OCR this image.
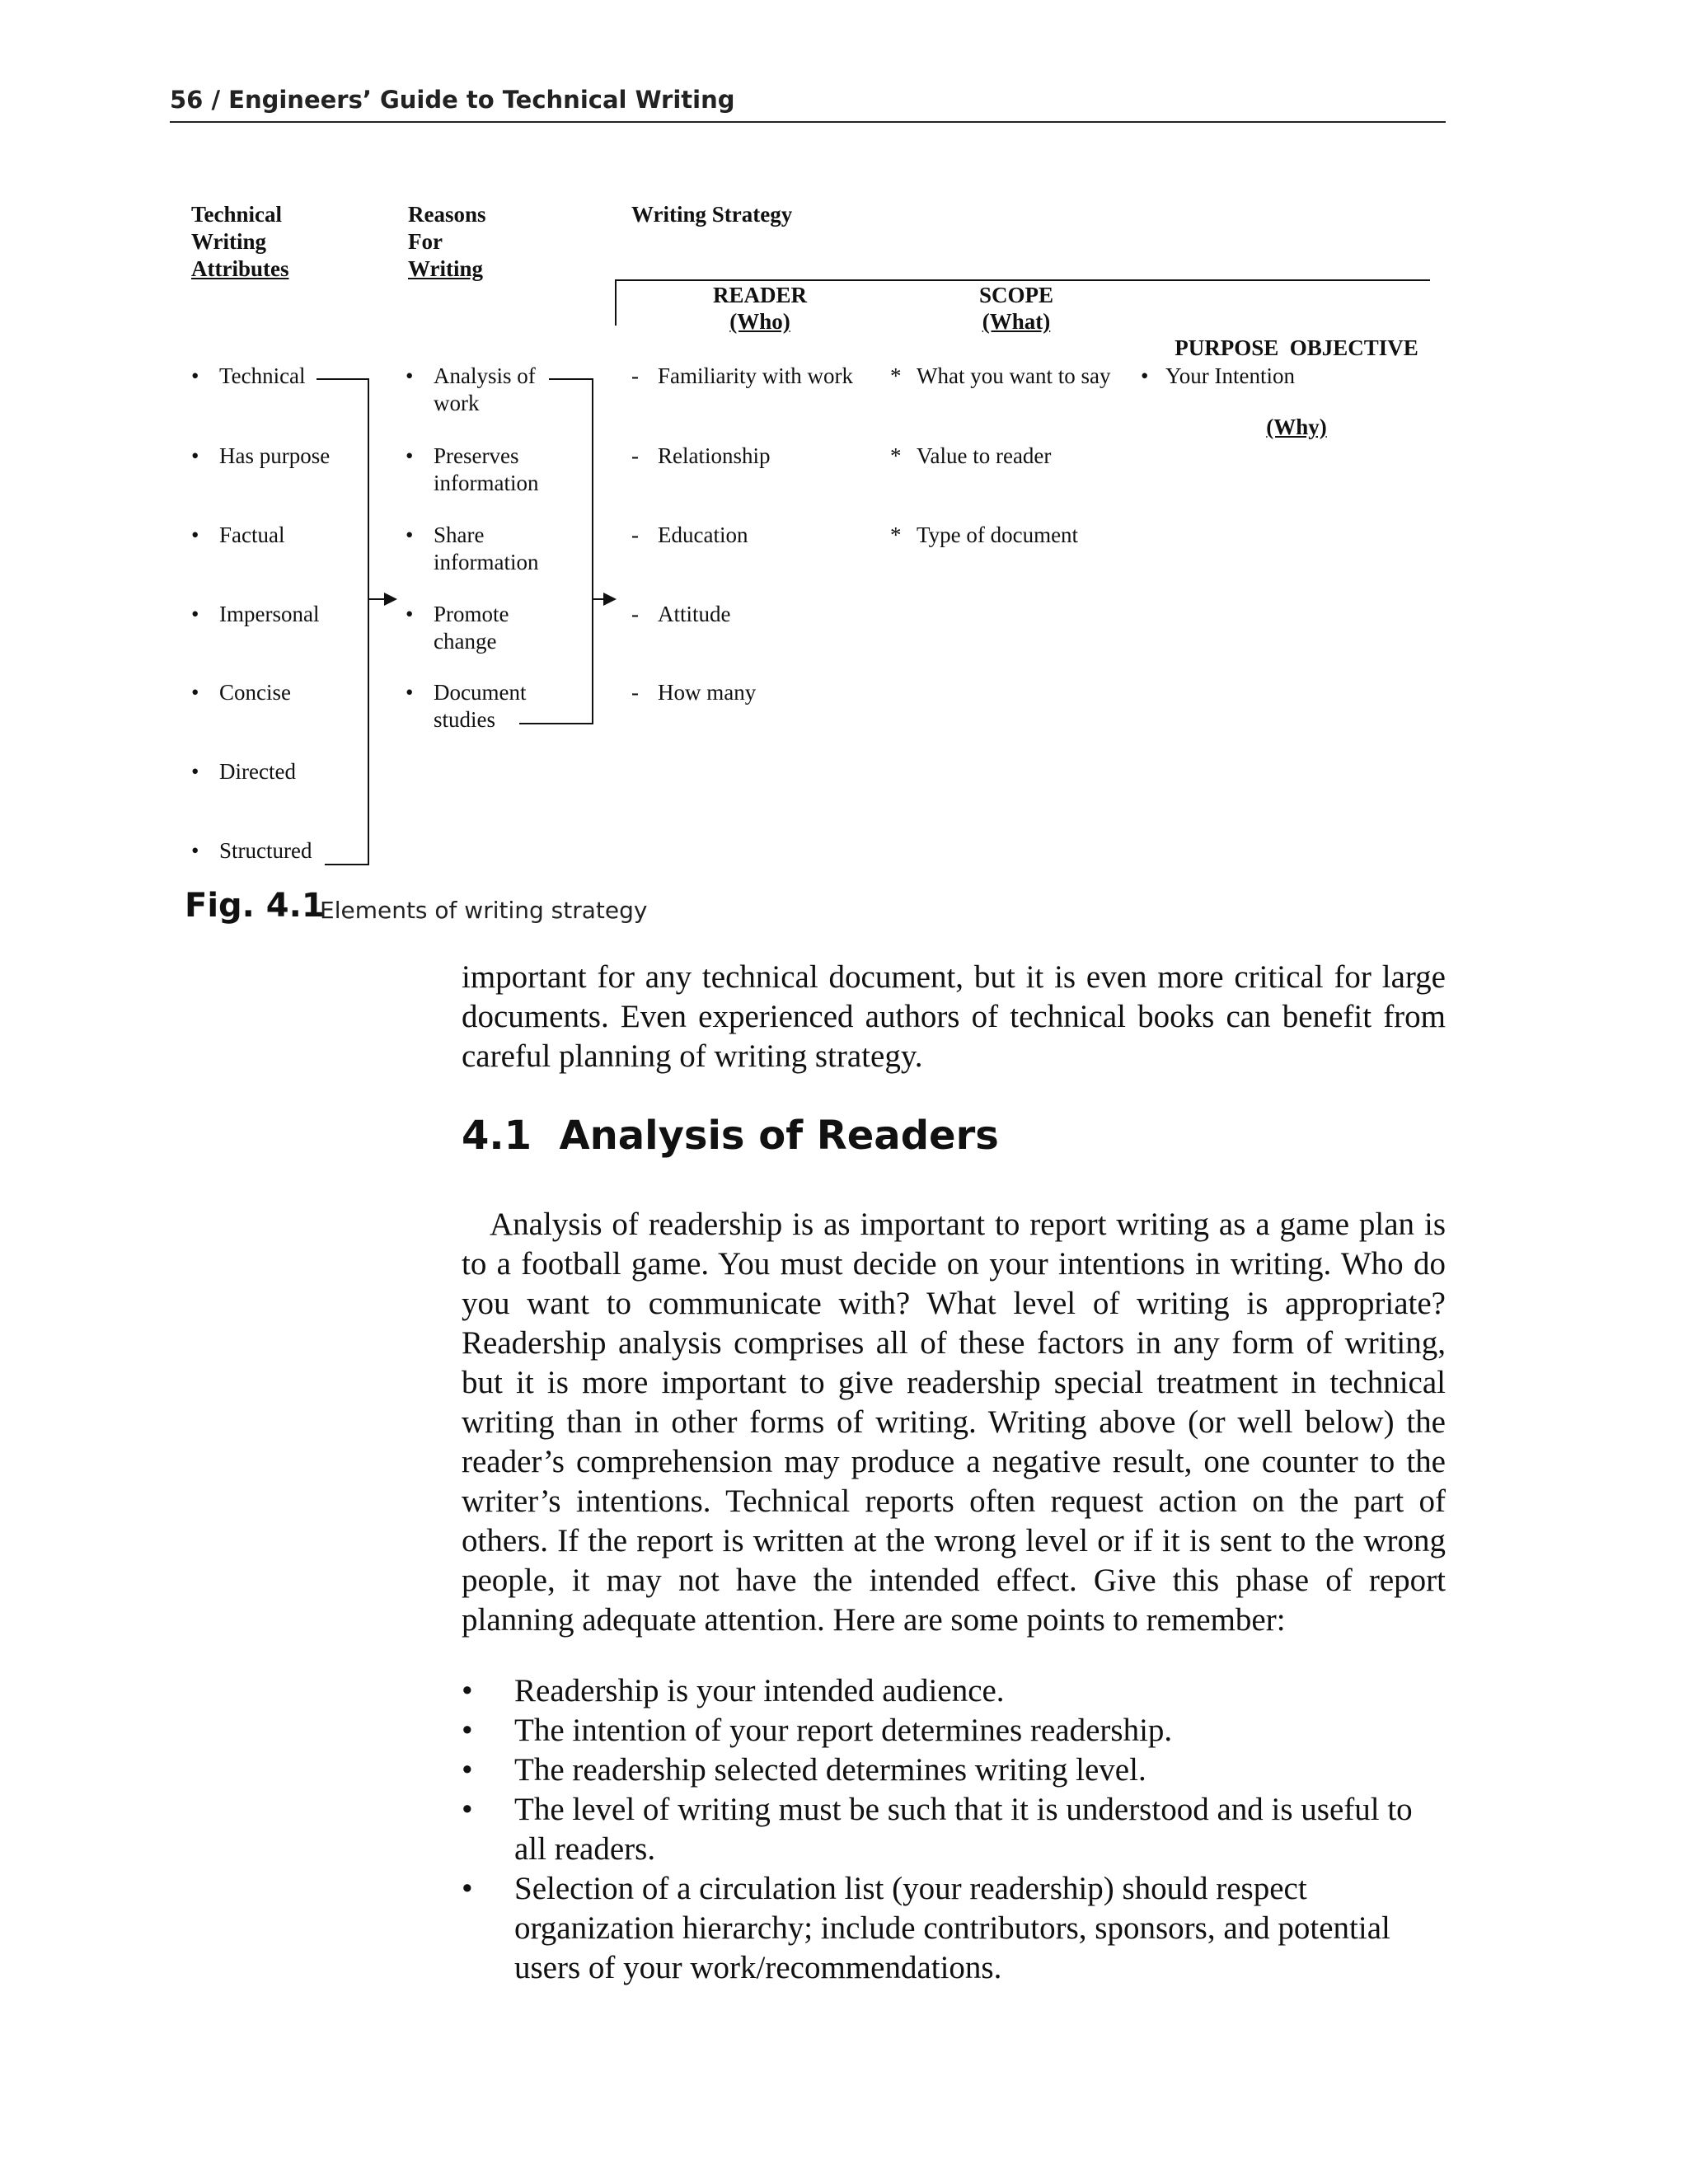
56 / Engineers’ Guide to Technical Writing
Technical
Writing
Attributes
Reasons
For
Writing
Writing Strategy
READER
(Who)
SCOPE
(What)

PURPOSE  OBJECTIVE

(Why)

• Technical
• Has purpose
• Factual
• Impersonal
• Concise
• Directed
• Structured
• Analysis of
work
• Preserves
information
• Share
information
• Promote
change
• Document
studies
- Familiarity with work
- Relationship
- Education
- Attitude
- How many
* What you want to say
* Value to reader
* Type of document
• Your Intention
Fig. 4.1
Elements of writing strategy
important for any technical document, but it is even more critical for large documents. Even experienced authors of technical books can benefit from careful planning of writing strategy.
4.1  Analysis of Readers
Analysis of readership is as important to report writing as a game plan is to a football game. You must decide on your intentions in writing. Who do you want to communicate with? What level of writing is appropriate? Readership analysis comprises all of these factors in any form of writing, but it is more important to give readership special treatment in technical writing than in other forms of writing. Writing above (or well below) the reader’s comprehension may produce a negative result, one counter to the writer’s intentions. Technical reports often request action on the part of others. If the report is written at the wrong level or if it is sent to the wrong people, it may not have the intended effect. Give this phase of report planning adequate attention. Here are some points to remember:
• Readership is your intended audience.
• The intention of your report determines readership.
• The readership selected determines writing level.
• The level of writing must be such that it is understood and is useful to all readers.
• Selection of a circulation list (your readership) should respect organization hierarchy; include contributors, sponsors, and potential users of your work/recommendations.
